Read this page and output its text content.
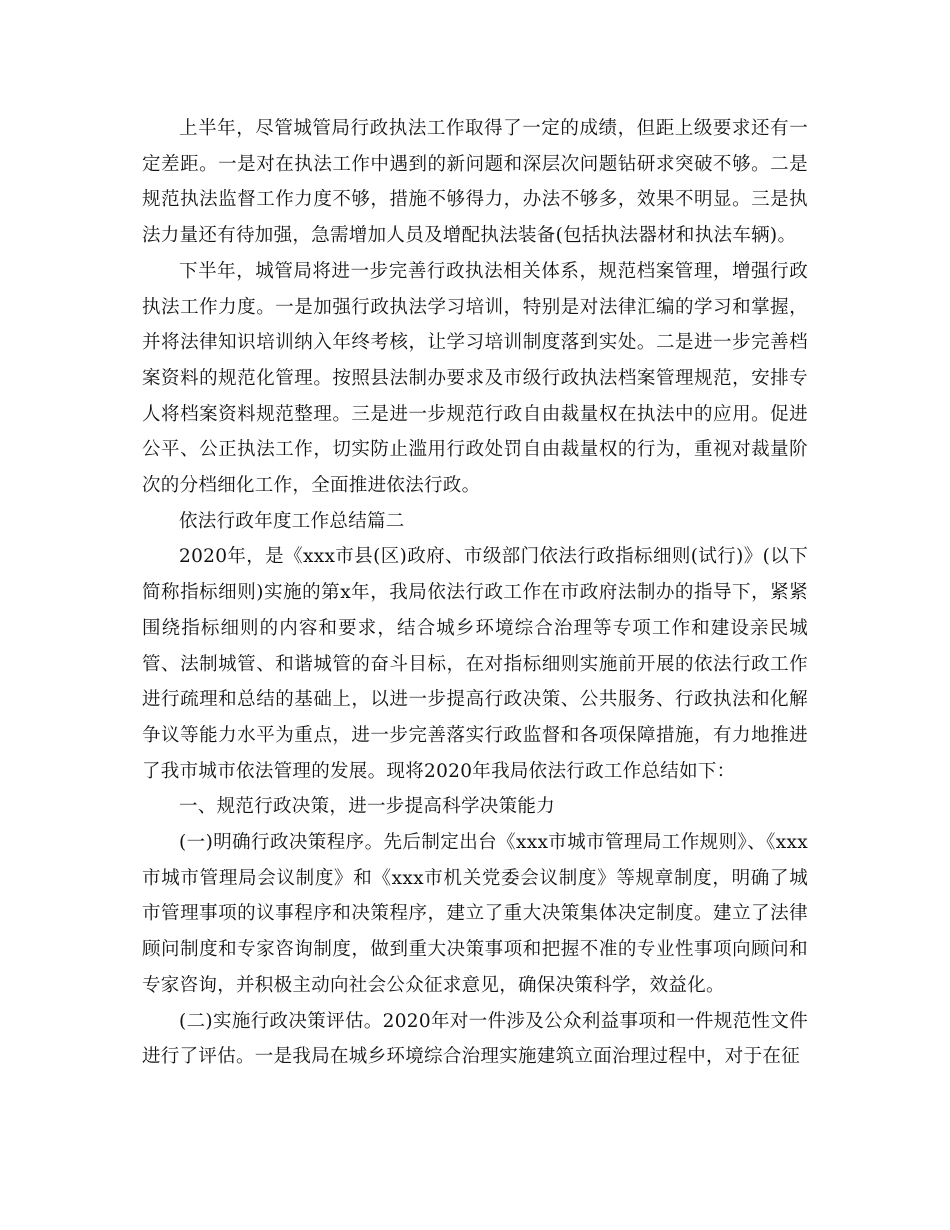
上半年，尽管城管局行政执法工作取得了一定的成绩，但距上级要求还有一定差距。一是对在执法工作中遇到的新问题和深层次问题钻研求突破不够。二是规范执法监督工作力度不够，措施不够得力，办法不够多，效果不明显。三是执法力量还有待加强，急需增加人员及增配执法装备(包括执法器材和执法车辆)。

下半年，城管局将进一步完善行政执法相关体系，规范档案管理，增强行政执法工作力度。一是加强行政执法学习培训，特别是对法律汇编的学习和掌握，并将法律知识培训纳入年终考核，让学习培训制度落到实处。二是进一步完善档案资料的规范化管理。按照县法制办要求及市级行政执法档案管理规范，安排专人将档案资料规范整理。三是进一步规范行政自由裁量权在执法中的应用。促进公平、公正执法工作，切实防止滥用行政处罚自由裁量权的行为，重视对裁量阶次的分档细化工作，全面推进依法行政。

依法行政年度工作总结篇二

2020年，是《xxx市县(区)政府、市级部门依法行政指标细则(试行)》(以下简称指标细则)实施的第x年，我局依法行政工作在市政府法制办的指导下，紧紧围绕指标细则的内容和要求，结合城乡环境综合治理等专项工作和建设亲民城管、法制城管、和谐城管的奋斗目标，在对指标细则实施前开展的依法行政工作进行疏理和总结的基础上，以进一步提高行政决策、公共服务、行政执法和化解争议等能力水平为重点，进一步完善落实行政监督和各项保障措施，有力地推进了我市城市依法管理的发展。现将2020年我局依法行政工作总结如下：

一、规范行政决策，进一步提高科学决策能力

(一)明确行政决策程序。先后制定出台《xxx市城市管理局工作规则》、《xxx市城市管理局会议制度》和《xxx市机关党委会议制度》等规章制度，明确了城市管理事项的议事程序和决策程序，建立了重大决策集体决定制度。建立了法律顾问制度和专家咨询制度，做到重大决策事项和把握不准的专业性事项向顾问和专家咨询，并积极主动向社会公众征求意见，确保决策科学，效益化。

(二)实施行政决策评估。2020年对一件涉及公众利益事项和一件规范性文件进行了评估。一是我局在城乡环境综合治理实施建筑立面治理过程中，对于在征
